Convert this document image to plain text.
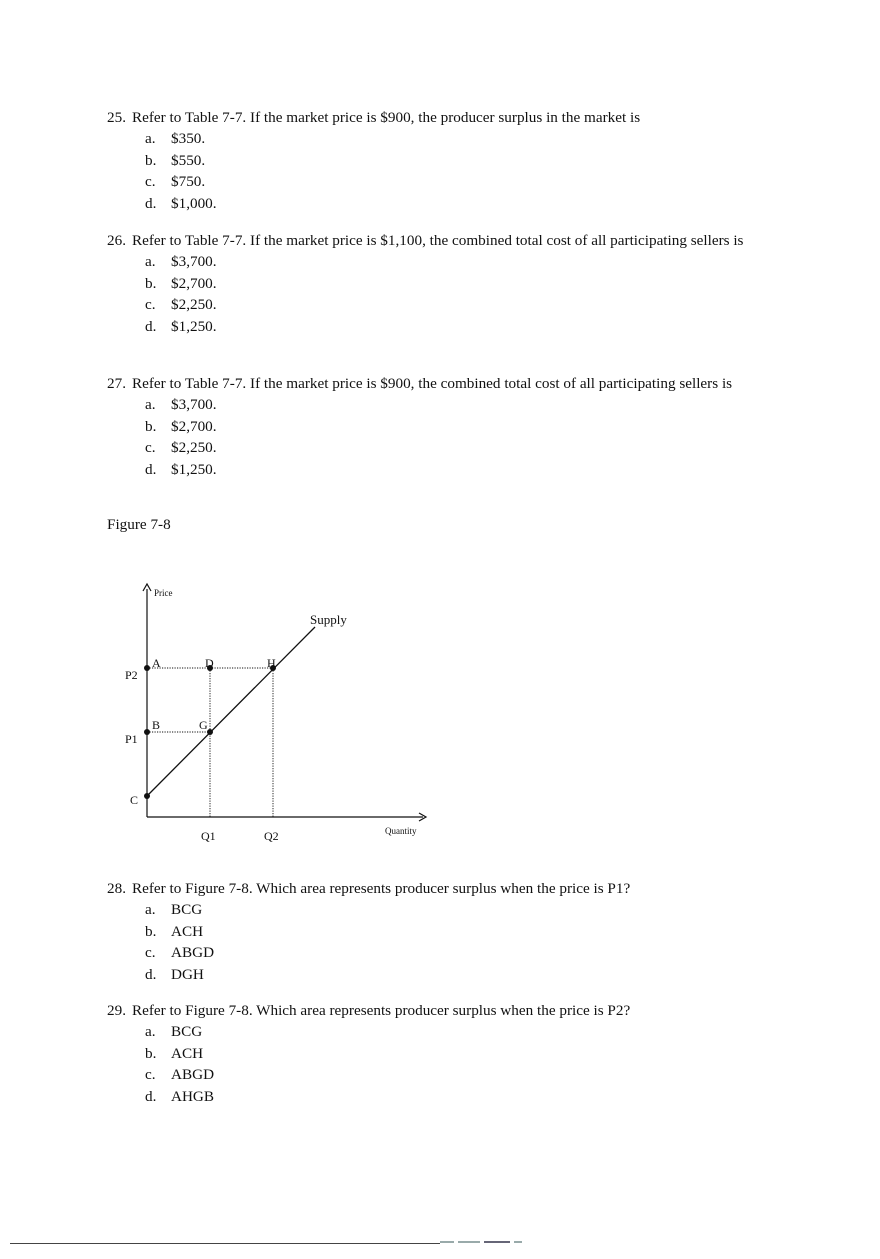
25. Refer to Table 7-7. If the market price is $900, the producer surplus in the market is
a.	$350.
b. $550.
c.	$750.
d. $1,000.
26. Refer to Table 7-7. If the market price is $1,100, the combined total cost of all participating sellers is
a.	$3,700.
b. $2,700.
c.	$2,250.
d. $1,250.
27. Refer to Table 7-7. If the market price is $900, the combined total cost of all participating sellers is
a.	$3,700.
b. $2,700.
c.	$2,250.
d. $1,250.
Figure 7-8
Price
Quantity
Supply
P2
P1
Q1	Q2
A
B
C
D
G
H
28. Refer to Figure 7-8. Which area represents producer surplus when the price is P1?
a.	BCG
b. ACH
c.	ABGD
d. DGH
29. Refer to Figure 7-8. Which area represents producer surplus when the price is P2?
a.	BCG
b. ACH
c.	ABGD
d. AHGB
